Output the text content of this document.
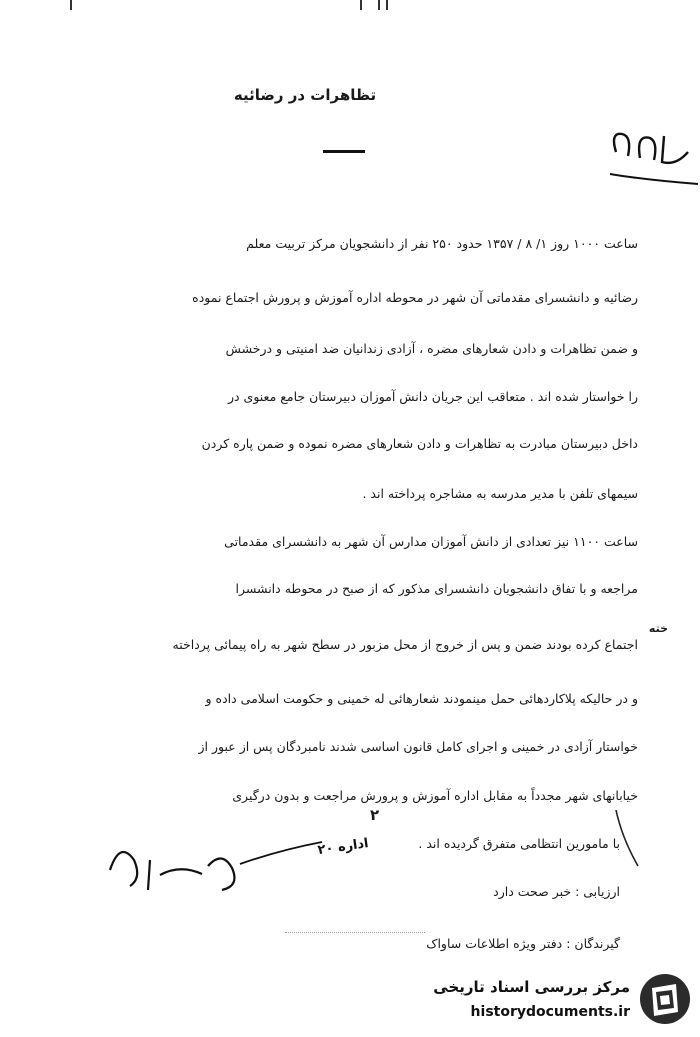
تظاهرات در رضائیه
۴۲۱
ساعت ۱۰۰۰ روز ۱/ ۸ / ۱۳۵۷ حدود ۲۵۰ نفر از دانشجویان مرکز تربیت معلم
رضائیه و دانشسرای مقدماتی آن شهر در محوطه اداره آموزش و پرورش اجتماع نموده
و ضمن تظاهرات و دادن شعارهای مضره ، آزادی زندانیان ضد امنیتی و درخشش
را خواستار شده اند . متعاقب این جریان دانش آموزان دبیرستان جامع معنوی در
داخل دبیرستان مبادرت به تظاهرات و دادن شعارهای مضره نموده و ضمن پاره کردن
سیمهای تلفن با مدیر مدرسه به مشاجره پرداخته اند .
ساعت ۱۱۰۰ نیز تعدادی از دانش آموزان مدارس آن شهر به دانشسرای مقدماتی
مراجعه و با تفاق دانشجویان دانشسرای مذکور که از صبح در محوطه دانشسرا
خته
اجتماع کرده بودند ضمن و پس از خروج از محل مزبور در سطح شهر به راه پیمائی پرداخته
و در حالیکه پلاکاردهائی حمل مینمودند شعارهائی له خمینی و حکومت اسلامی داده و
خواستار آزادی در خمینی و اجرای کامل قانون اساسی شدند نامبردگان پس از عبور از
خیابانهای شهر مجدداً به مقابل اداره آموزش و پرورش مراجعت و بدون درگیری
۲
با مامورین انتظامی متفرق گردیده اند .
اداره ۲۰
ارزیابی : خبر صحت دارد
گیرندگان : دفتر ویژه اطلاعات ساواک
مرکز بررسی اسناد تاریخی
historydocuments.ir
